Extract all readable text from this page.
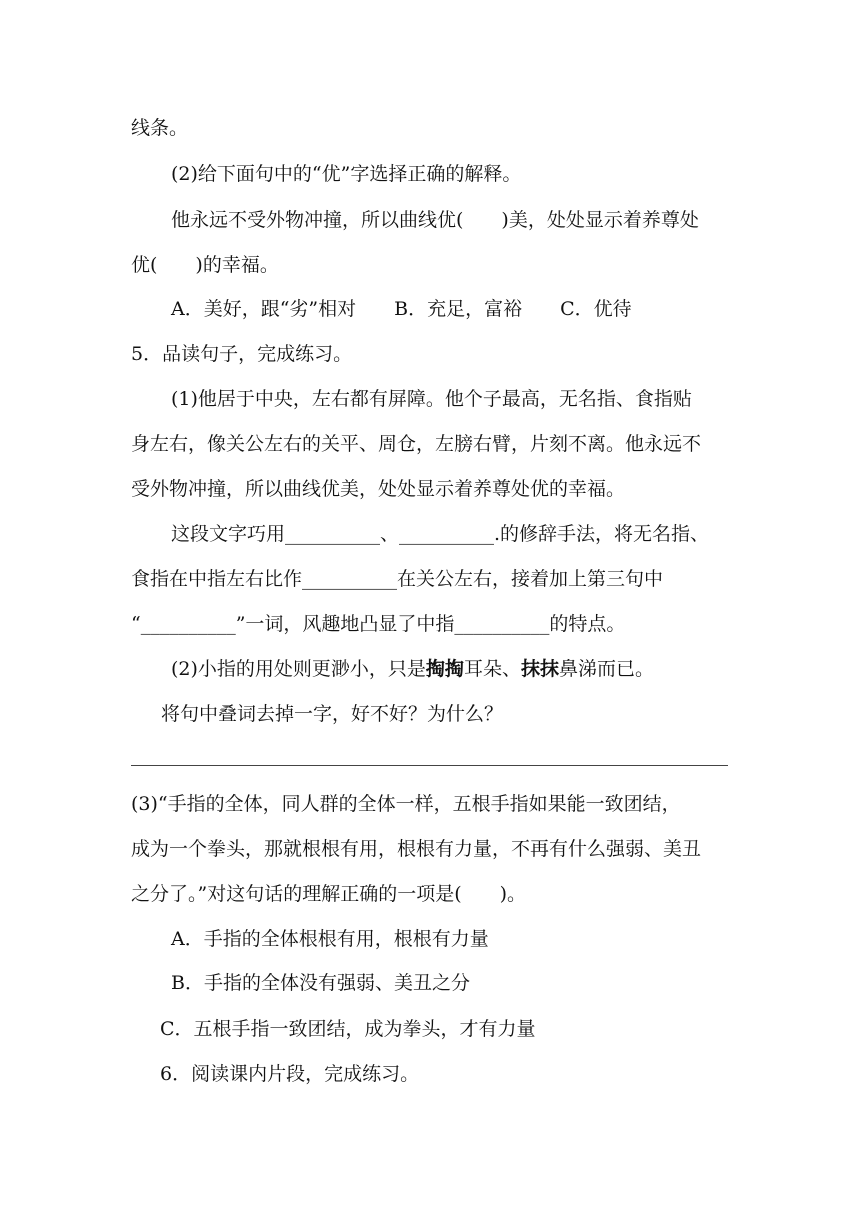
线条。
(2)给下面句中的“优”字选择正确的解释。
他永远不受外物冲撞，所以曲线优(　　)美，处处显示着养尊处
优(　　)的幸福。
A．美好，跟“劣”相对　　B．充足，富裕　　C．优待
5．品读句子，完成练习。
(1)他居于中央，左右都有屏障。他个子最高，无名指、食指贴
身左右，像关公左右的关平、周仓，左膀右臂，片刻不离。他永远不
受外物冲撞，所以曲线优美，处处显示着养尊处优的幸福。
这段文字巧用__________、__________.的修辞手法，将无名指、
食指在中指左右比作__________在关公左右，接着加上第三句中
“__________”一词，风趣地凸显了中指__________的特点。
(2)小指的用处则更渺小，只是掏掏耳朵、抹抹鼻涕而已。
将句中叠词去掉一字，好不好？为什么？
(3)“手指的全体，同人群的全体一样，五根手指如果能一致团结，
成为一个拳头，那就根根有用，根根有力量，不再有什么强弱、美丑
之分了。”对这句话的理解正确的一项是(　　)。
A．手指的全体根根有用，根根有力量
B．手指的全体没有强弱、美丑之分
C．五根手指一致团结，成为拳头，才有力量
6．阅读课内片段，完成练习。
